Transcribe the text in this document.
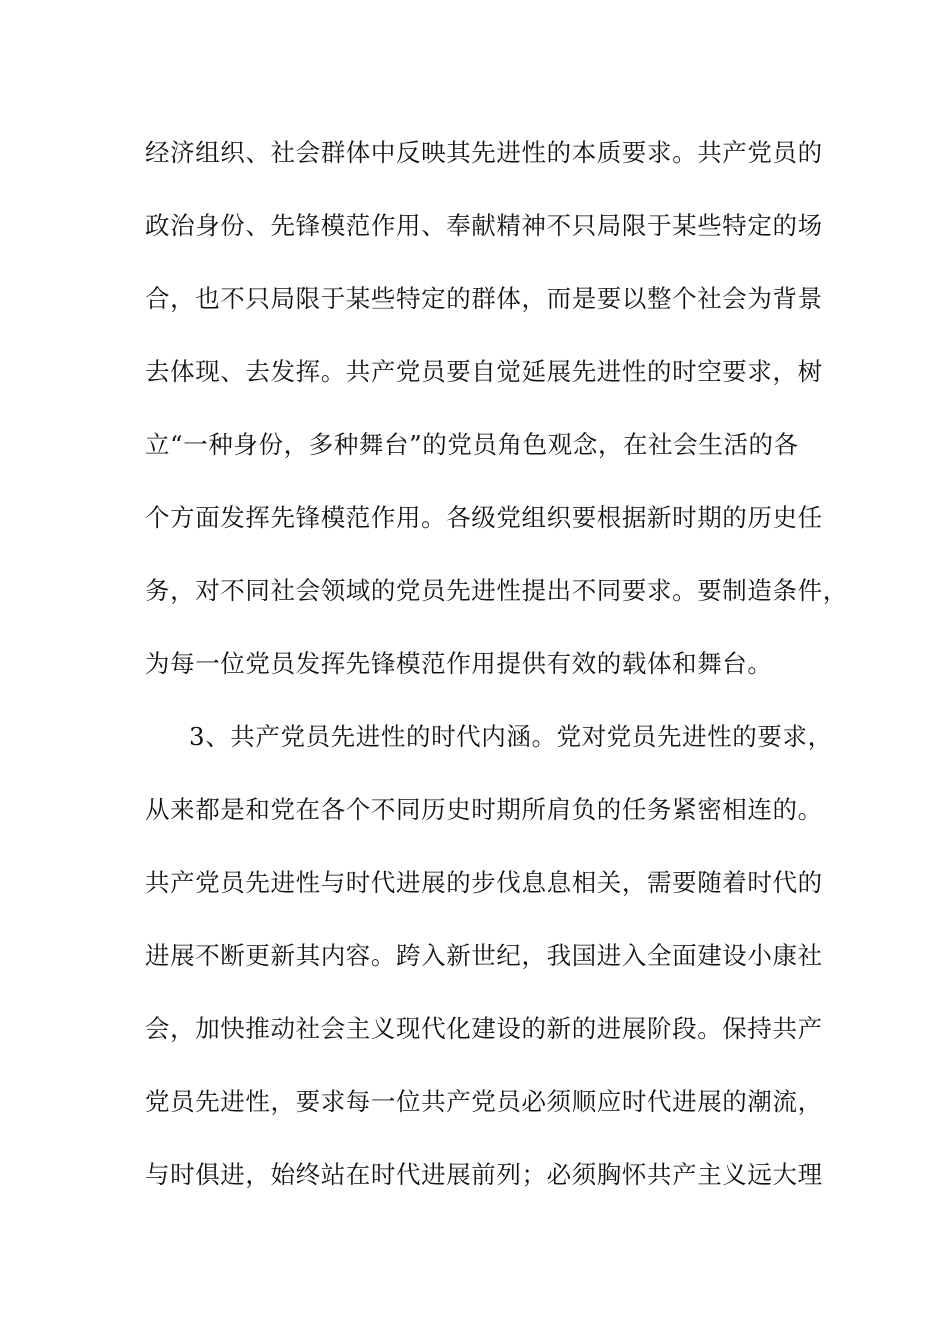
经济组织、社会群体中反映其先进性的本质要求。共产党员的
政治身份、先锋模范作用、奉献精神不只局限于某些特定的场
合，也不只局限于某些特定的群体，而是要以整个社会为背景
去体现、去发挥。共产党员要自觉延展先进性的时空要求，树
立“一种身份，多种舞台”的党员角色观念，在社会生活的各
个方面发挥先锋模范作用。各级党组织要根据新时期的历史任
务，对不同社会领域的党员先进性提出不同要求。要制造条件，
为每一位党员发挥先锋模范作用提供有效的载体和舞台。
3、共产党员先进性的时代内涵。党对党员先进性的要求，
从来都是和党在各个不同历史时期所肩负的任务紧密相连的。
共产党员先进性与时代进展的步伐息息相关，需要随着时代的
进展不断更新其内容。跨入新世纪，我国进入全面建设小康社
会，加快推动社会主义现代化建设的新的进展阶段。保持共产
党员先进性，要求每一位共产党员必须顺应时代进展的潮流，
与时俱进，始终站在时代进展前列；必须胸怀共产主义远大理
